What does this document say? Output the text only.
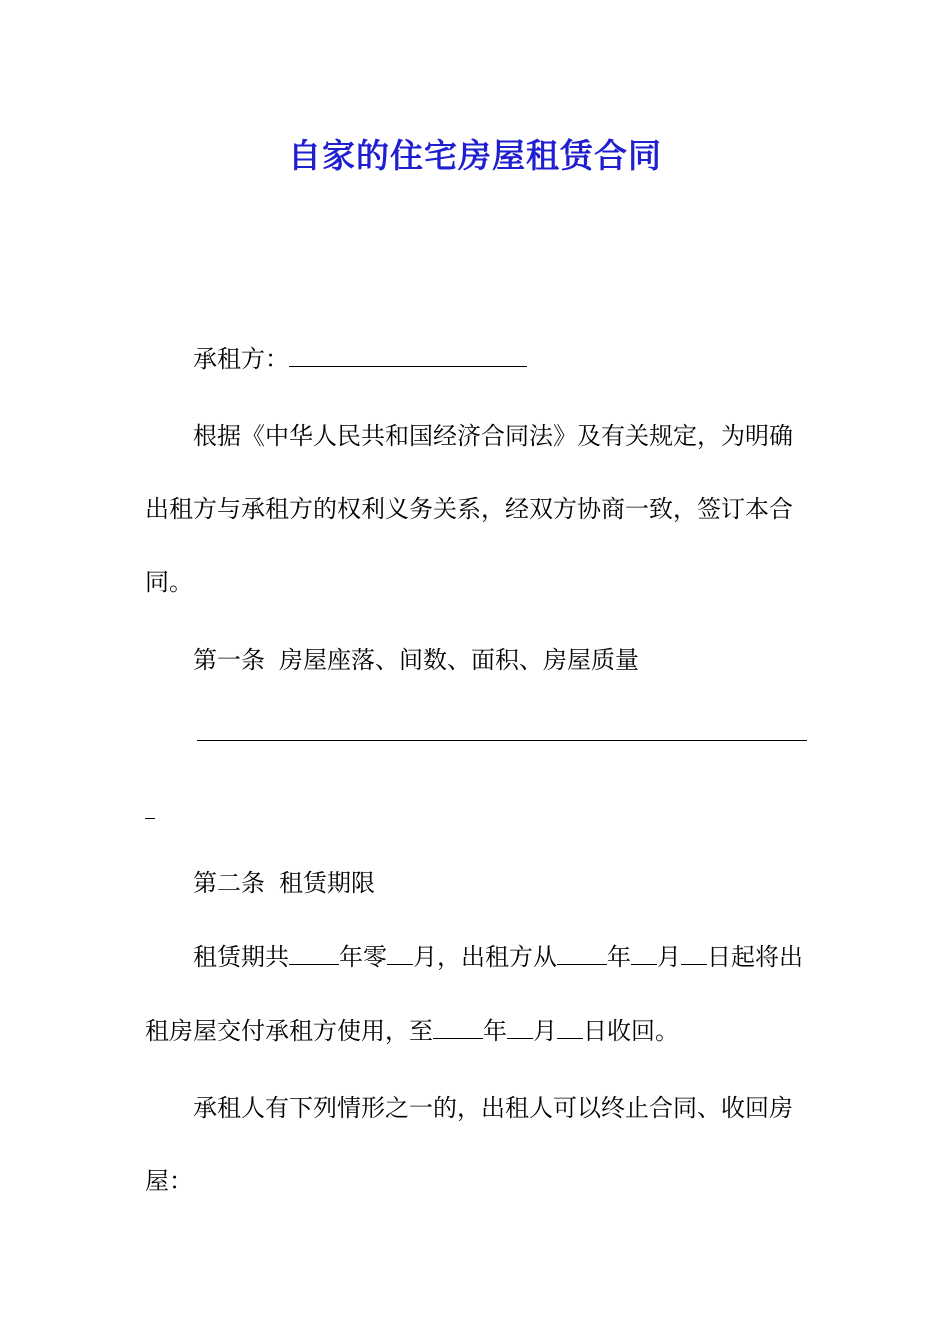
自家的住宅房屋租赁合同
承租方：
根据《中华人民共和国经济合同法》及有关规定，为明确
出租方与承租方的权利义务关系，经双方协商一致，签订本合
同。
第一条 房屋座落、间数、面积、房屋质量
第二条 租赁期限
租赁期共 年零 月，出租方从 年 月 日起将出
租房屋交付承租方使用，至 年 月 日收回。
承租人有下列情形之一的，出租人可以终止合同、收回房
屋：
